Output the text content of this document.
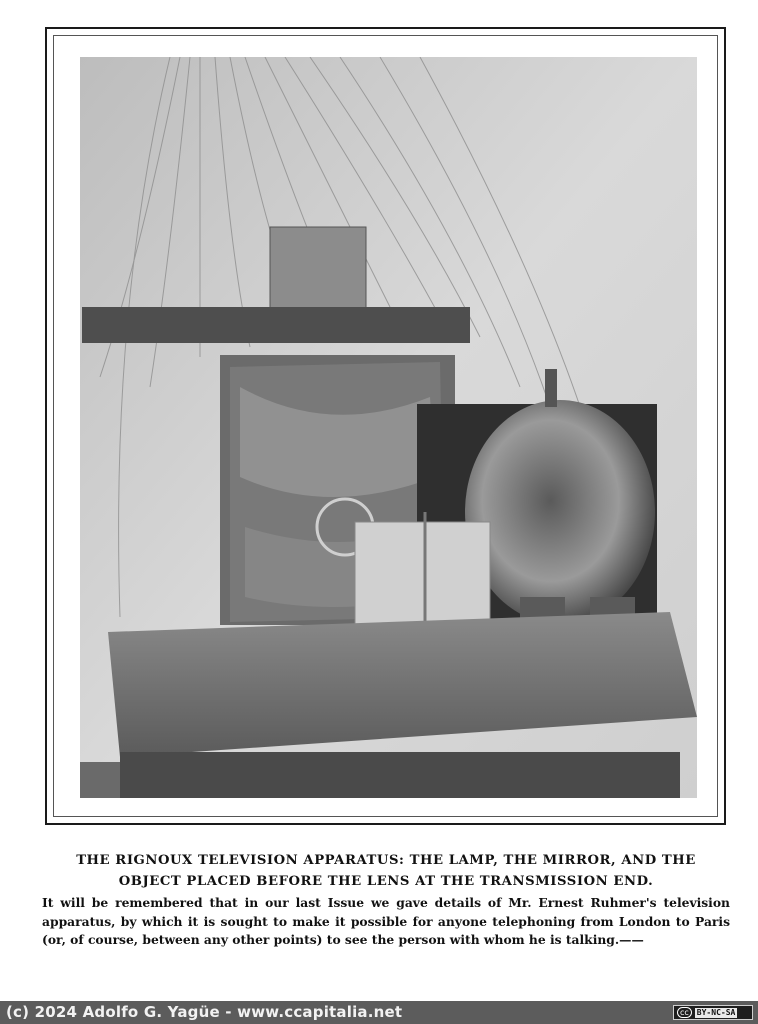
THE RIGNOUX TELEVISION APPARATUS: THE LAMP, THE MIRROR, AND THE

OBJECT PLACED BEFORE THE LENS AT THE TRANSMISSION END.

It will be remembered that in our last Issue we gave details of Mr. Ernest Ruhmer's television apparatus, by which it is sought to make it possible for anyone telephoning from London to Paris (or, of course, between any other points) to see the person with whom he is talking.——

(c) 2024 Adolfo G. Yagüe - www.ccapitalia.net	cc	BY-NC-SA
